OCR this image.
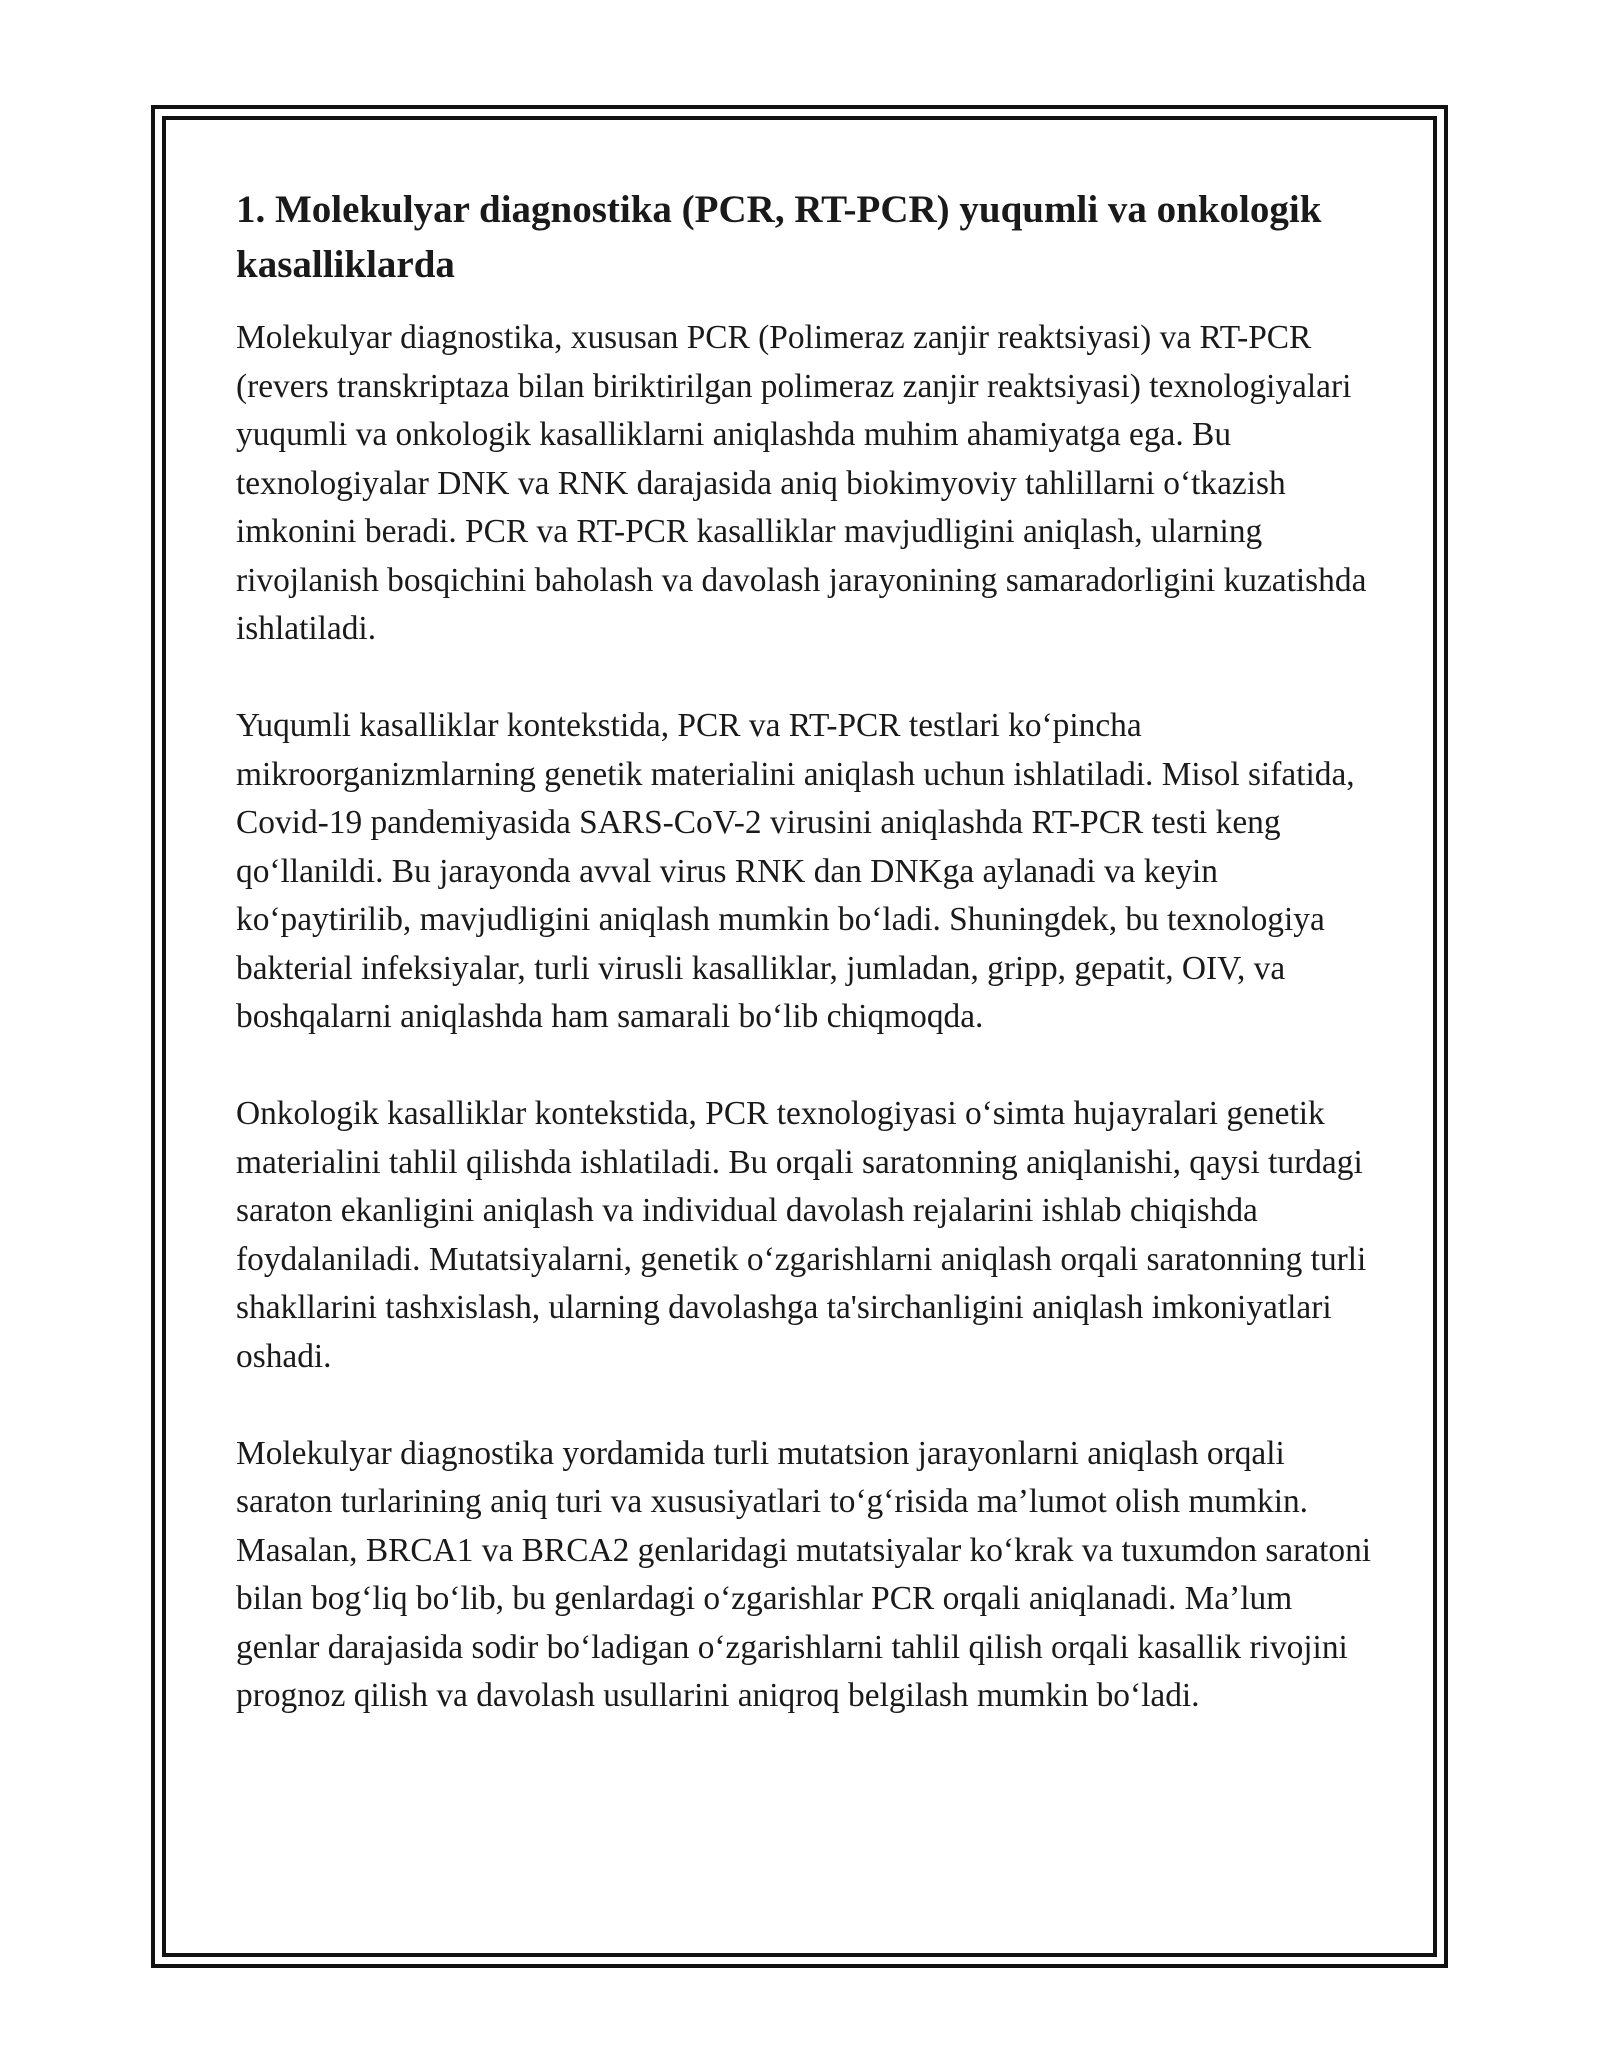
1. Molekulyar diagnostika (PCR, RT-PCR) yuqumli va onkologik kasalliklarda

Molekulyar diagnostika, xususan PCR (Polimeraz zanjir reaktsiyasi) va RT-PCR (revers transkriptaza bilan biriktirilgan polimeraz zanjir reaktsiyasi) texnologiyalari yuqumli va onkologik kasalliklarni aniqlashda muhim ahamiyatga ega. Bu texnologiyalar DNK va RNK darajasida aniq biokimyoviy tahlillarni o‘tkazish imkonini beradi. PCR va RT-PCR kasalliklar mavjudligini aniqlash, ularning rivojlanish bosqichini baholash va davolash jarayonining samaradorligini kuzatishda ishlatiladi.

Yuqumli kasalliklar kontekstida, PCR va RT-PCR testlari ko‘pincha mikroorganizmlarning genetik materialini aniqlash uchun ishlatiladi. Misol sifatida, Covid-19 pandemiyasida SARS-CoV-2 virusini aniqlashda RT-PCR testi keng qo‘llanildi. Bu jarayonda avval virus RNK dan DNKga aylanadi va keyin ko‘paytirilib, mavjudligini aniqlash mumkin bo‘ladi. Shuningdek, bu texnologiya bakterial infeksiyalar, turli virusli kasalliklar, jumladan, gripp, gepatit, OIV, va boshqalarni aniqlashda ham samarali bo‘lib chiqmoqda.

Onkologik kasalliklar kontekstida, PCR texnologiyasi o‘simta hujayralari genetik materialini tahlil qilishda ishlatiladi. Bu orqali saratonning aniqlanishi, qaysi turdagi saraton ekanligini aniqlash va individual davolash rejalarini ishlab chiqishda foydalaniladi. Mutatsiyalarni, genetik o‘zgarishlarni aniqlash orqali saratonning turli shakllarini tashxislash, ularning davolashga ta'sirchanligini aniqlash imkoniyatlari oshadi.

Molekulyar diagnostika yordamida turli mutatsion jarayonlarni aniqlash orqali saraton turlarining aniq turi va xususiyatlari to‘g‘risida ma’lumot olish mumkin. Masalan, BRCA1 va BRCA2 genlaridagi mutatsiyalar ko‘krak va tuxumdon saratoni bilan bog‘liq bo‘lib, bu genlardagi o‘zgarishlar PCR orqali aniqlanadi. Ma’lum genlar darajasida sodir bo‘ladigan o‘zgarishlarni tahlil qilish orqali kasallik rivojini prognoz qilish va davolash usullarini aniqroq belgilash mumkin bo‘ladi.
